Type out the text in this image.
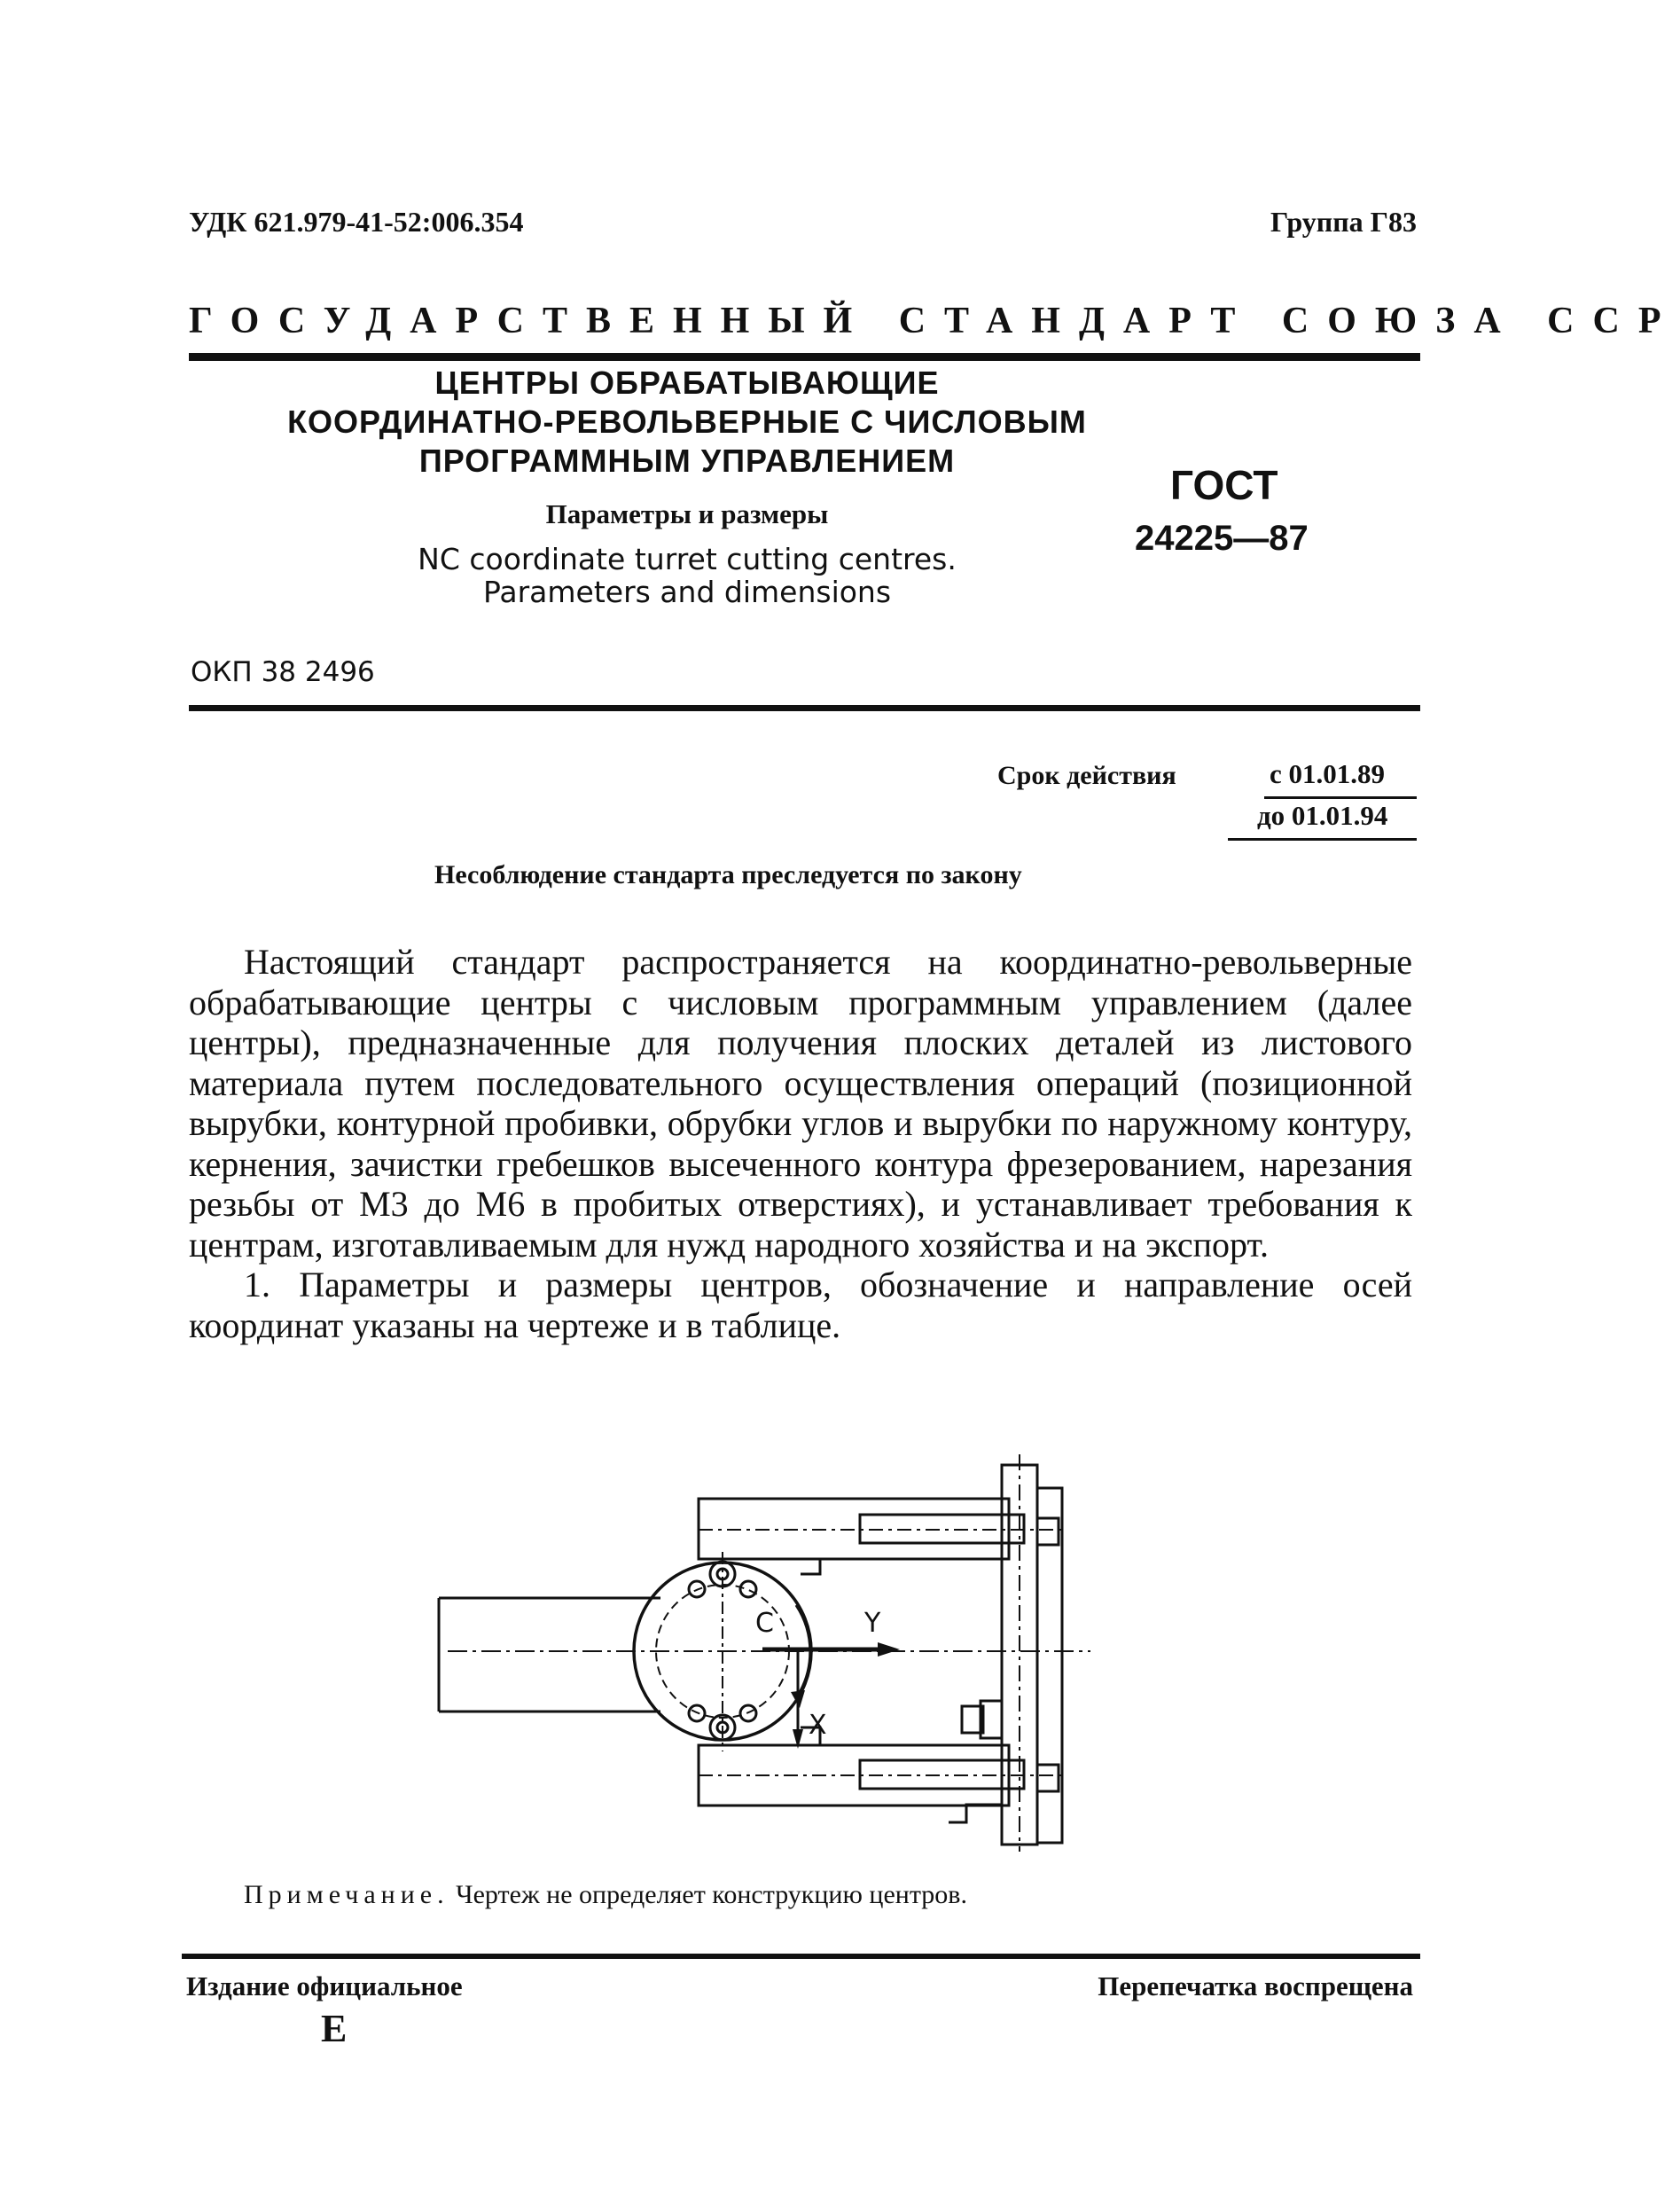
УДК 621.979-41-52:006.354	Группа Г83
ГОСУДАРСТВЕННЫЙ СТАНДАРТ СОЮЗА ССР
ЦЕНТРЫ ОБРАБАТЫВАЮЩИЕ
КООРДИНАТНО-РЕВОЛЬВЕРНЫЕ С ЧИСЛОВЫМ
ПРОГРАММНЫМ УПРАВЛЕНИЕМ
Параметры и размеры
NC coordinate turret cutting centres.
Parameters and dimensions
ГОСТ
24225—87
ОКП 38 2496
Срок действия	с 01.01.89
до 01.01.94
Несоблюдение стандарта преследуется по закону

Настоящий стандарт распространяется на координатно-револьверные обрабатывающие центры с числовым программным управлением (далее центры), предназначенные для получения плоских деталей из листового материала путем последовательного осуществления операций (позиционной вырубки, контурной пробивки, обрубки углов и вырубки по наружному контуру, кернения, зачистки гребешков высеченного контура фрезерованием, нарезания резьбы от М3 до М6 в пробитых отверстиях), и устанавливает требования к центрам, изготавливаемым для нужд народного хозяйства и на экспорт.

1. Параметры и размеры центров, обозначение и направление осей координат указаны на чертеже и в таблице.

C	Y
X
Примечание. Чертеж не определяет конструкцию центров.
Издание официальное
Е
Перепечатка воспрещена
